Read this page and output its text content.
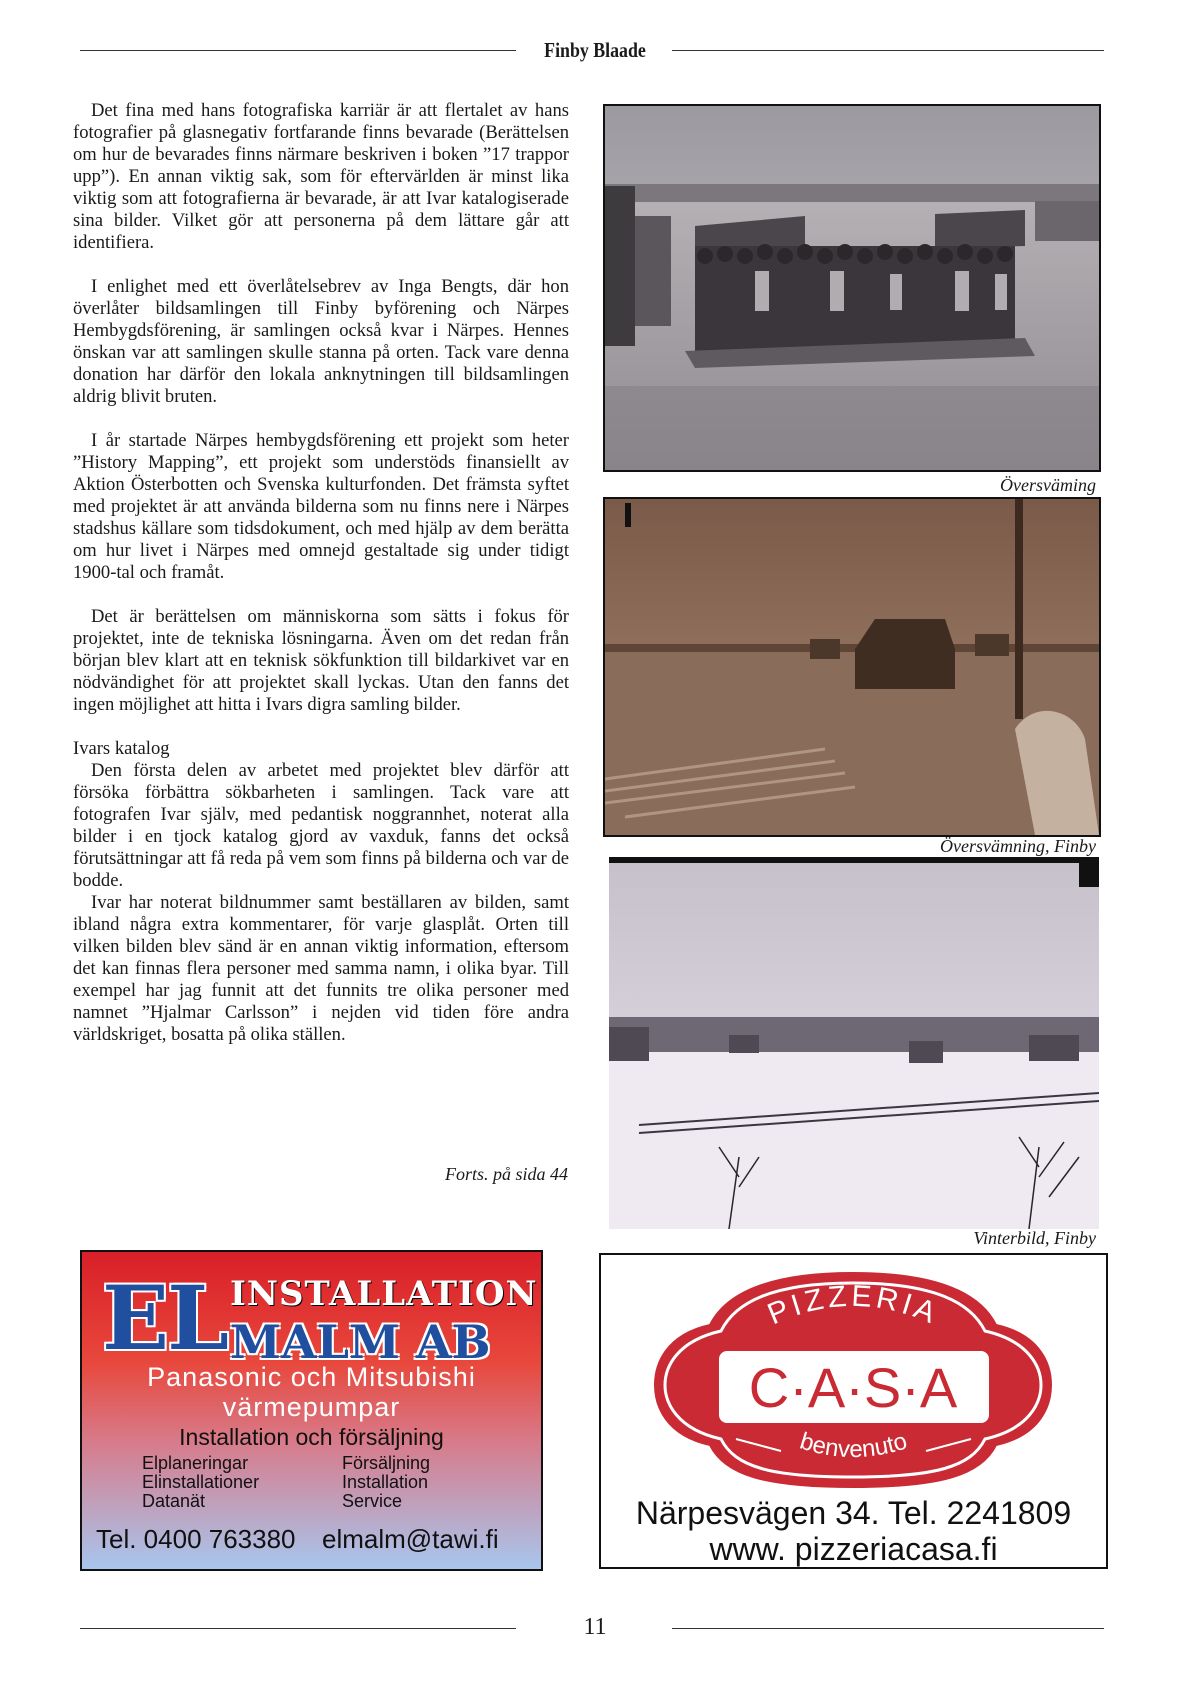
Finby Blaade

Det fina med hans fotografiska karriär är att flertalet av hans fotografier på glasnegativ fortfarande finns bevarade (Berättelsen om hur de bevarades finns närmare beskriven i boken ”17 trappor upp”). En annan viktig sak, som för eftervärlden är minst lika viktig som att fotografierna är bevarade, är att Ivar katalogiserade sina bilder. Vilket gör att personerna på dem lättare går att identifiera.

I enlighet med ett överlåtelsebrev av Inga Bengts, där hon överlåter bildsamlingen till Finby byförening och Närpes Hembygdsförening, är samlingen också kvar i Närpes. Hennes önskan var att samlingen skulle stanna på orten. Tack vare denna donation har därför den lokala anknytningen till bildsamlingen aldrig blivit bruten.

I år startade Närpes hembygdsförening ett projekt som heter ”History Mapping”, ett projekt som understöds finansiellt av Aktion Österbotten och Svenska kulturfonden. Det främsta syftet med projektet är att använda bilderna som nu finns nere i Närpes stadshus källare som tidsdokument, och med hjälp av dem berätta om hur livet i Närpes med omnejd gestaltade sig under tidigt 1900-tal och framåt.

Det är berättelsen om människorna som sätts i fokus för projektet, inte de tekniska lösningarna. Även om det redan från början blev klart att en teknisk sökfunktion till bildarkivet var en nödvändighet för att projektet skall lyckas. Utan den fanns det ingen möjlighet att hitta i Ivars digra samling bilder.

Ivars katalog

Den första delen av arbetet med projektet blev därför att försöka förbättra sökbarheten i samlingen. Tack vare att fotografen Ivar själv, med pedantisk noggrannhet, noterat alla bilder i en tjock katalog gjord av vaxduk, fanns det också förutsättningar att få reda på vem som finns på bilderna och var de bodde.

Ivar har noterat bildnummer samt beställaren av bilden, samt ibland några extra kommentarer, för varje glasplåt. Orten till vilken bilden blev sänd är en annan viktig information, eftersom det kan finnas flera personer med samma namn, i olika byar. Till exempel har jag funnit att det funnits tre olika personer med namnet ”Hjalmar Carlsson” i nejden vid tiden före andra världskriget, bosatta på olika ställen.

Forts. på sida 44
Översväming
Översvämning, Finby
Vinterbild, Finby
EL INSTALLATION
MALM AB
Panasonic och Mitsubishi
värmepumpar
Installation och försäljning
Elplaneringar
Elinstallationer
Datanät
Försäljning
Installation
Service
Tel. 0400 763380 elmalm@tawi.fi
PIZZERIA
C·A·S·A
benvenuto
Närpesvägen 34. Tel. 2241809
www. pizzeriacasa.fi
11
